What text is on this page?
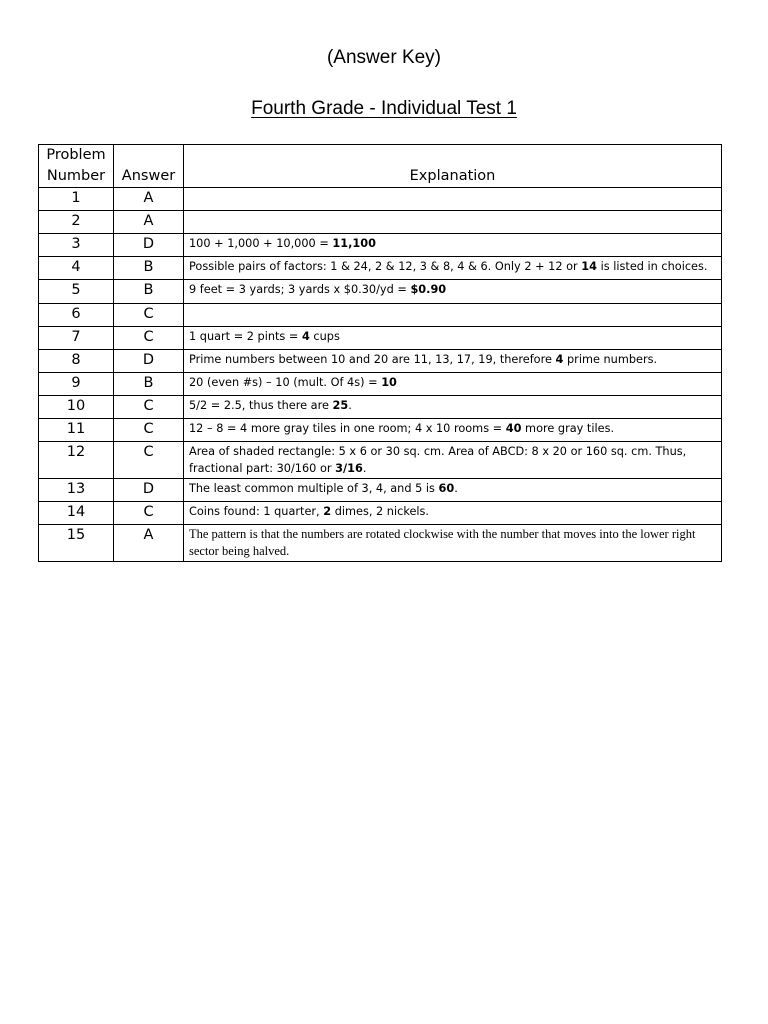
(Answer Key)
Fourth Grade - Individual Test 1
Problem
Number	Answer	Explanation
1	A	
2	A	
3	D	100 + 1,000 + 10,000 = 11,100
4	B	Possible pairs of factors: 1 & 24, 2 & 12, 3 & 8, 4 & 6. Only 2 + 12 or 14 is listed in choices.
5	B	9 feet = 3 yards; 3 yards x $0.30/yd = $0.90
6	C	
7	C	1 quart = 2 pints = 4 cups
8	D	Prime numbers between 10 and 20 are 11, 13, 17, 19, therefore 4 prime numbers.
9	B	20 (even #s) – 10 (mult. Of 4s) = 10
10	C	5/2 = 2.5, thus there are 25.
11	C	12 – 8 = 4 more gray tiles in one room; 4 x 10 rooms = 40 more gray tiles.
12	C	Area of shaded rectangle: 5 x 6 or 30 sq. cm. Area of ABCD: 8 x 20 or 160 sq. cm. Thus, fractional part: 30/160 or 3/16.
13	D	The least common multiple of 3, 4, and 5 is 60.
14	C	Coins found: 1 quarter, 2 dimes, 2 nickels.
15	A	The pattern is that the numbers are rotated clockwise with the number that moves into the lower right sector being halved.
